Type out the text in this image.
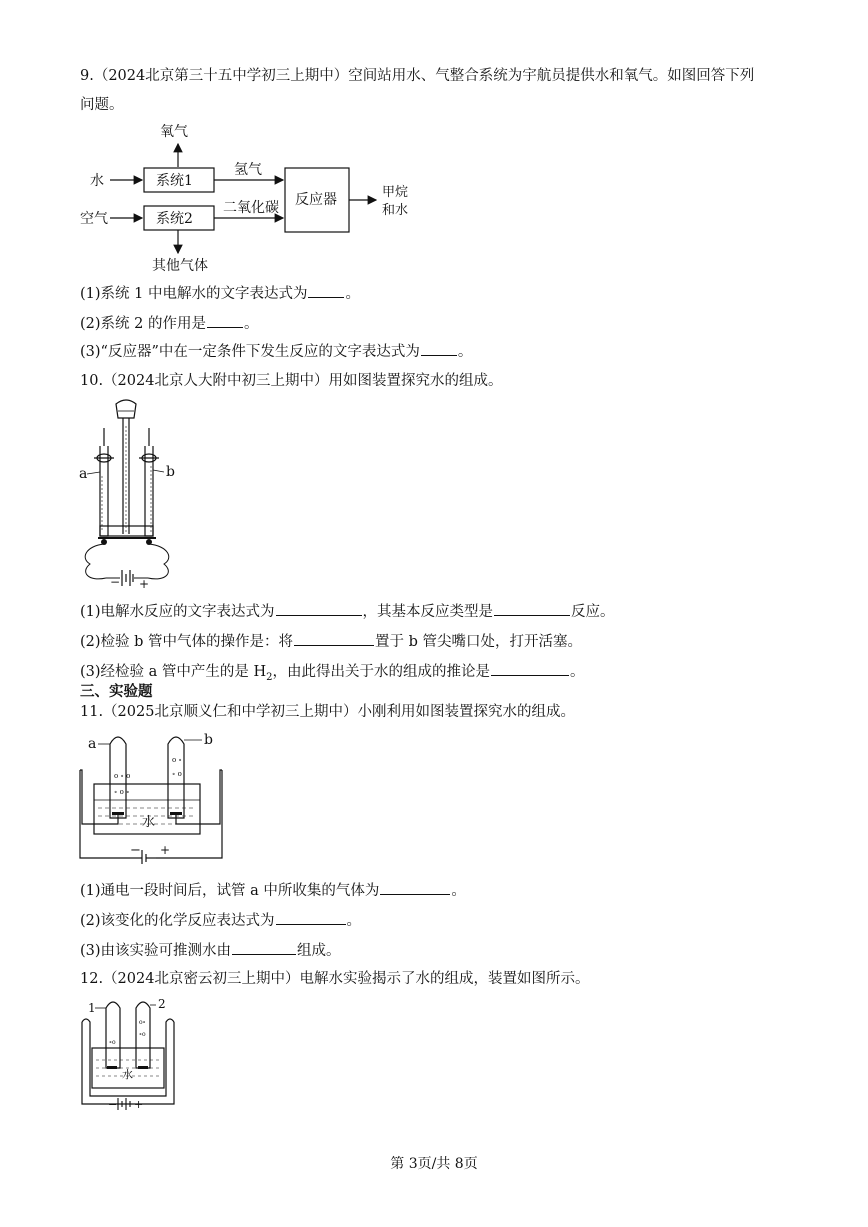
9.（2024北京第三十五中学初三上期中）空间站用水、气整合系统为宇航员提供水和氧气。如图回答下列
问题。
氧气
水	系统1
氢气
空气	系统2
二氧化碳
其他气体
反应器	甲烷
和水
(1)系统 1 中电解水的文字表达式为	。
(2)系统 2 的作用是	。
(3)“反应器”中在一定条件下发生反应的文字表达式为	。
10.（2024北京人大附中初三上期中）用如图装置探究水的组成。
a	b
− +
(1)电解水反应的文字表达式为	，其基本反应类型是	反应。
(2)检验 b 管中气体的操作是：将	置于 b 管尖嘴口处，打开活塞。
(3)经检验 a 管中产生的是 $H_2$，由此得出关于水的组成的推论是	。
三、实验题
11.（2025北京顺义仁和中学初三上期中）小刚利用如图装置探究水的组成。
ο ∘ ο
∘ ο ∘
ο ∘
∘ ο
a	b
水
− +
(1)通电一段时间后，试管 a 中所收集的气体为	。
(2)该变化的化学反应表达式为	。
(3)由该实验可推测水由	组成。
12.（2024北京密云初三上期中）电解水实验揭示了水的组成，装置如图所示。
1	2
∘ο
ο∘
∘ο
水
− +
第 3页/共 8页
